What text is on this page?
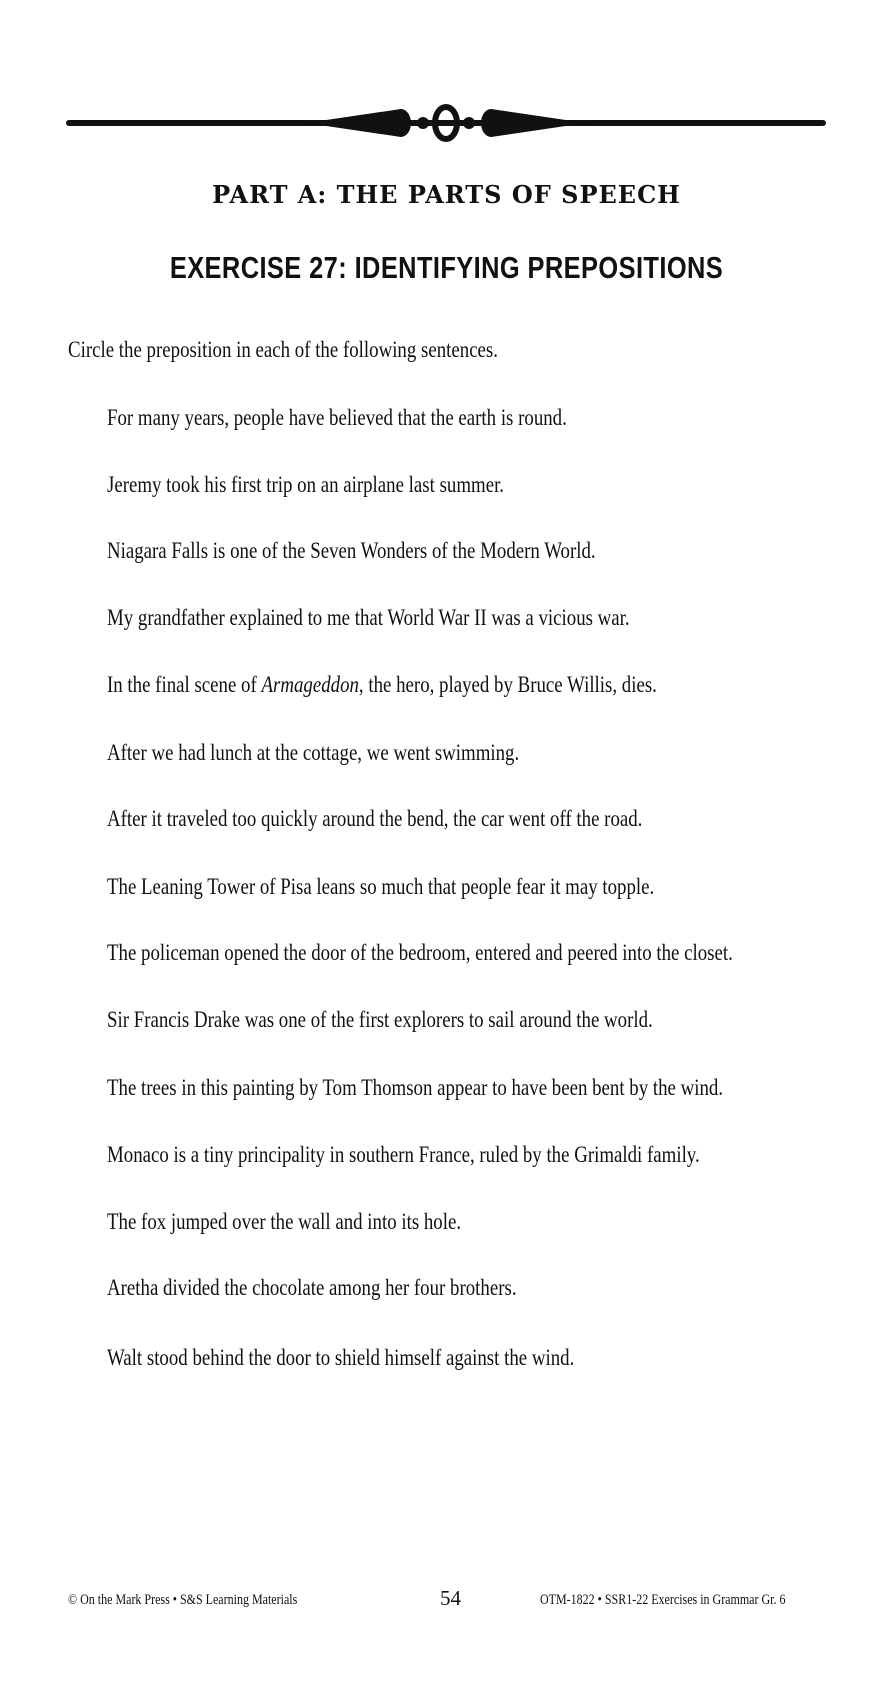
PART A: THE PARTS OF SPEECH
EXERCISE 27: IDENTIFYING PREPOSITIONS
Circle the preposition in each of the following sentences.
For many years, people have believed that the earth is round.
Jeremy took his first trip on an airplane last summer.
Niagara Falls is one of the Seven Wonders of the Modern World.
My grandfather explained to me that World War II was a vicious war.
In the final scene of Armageddon, the hero, played by Bruce Willis, dies.
After we had lunch at the cottage, we went swimming.
After it traveled too quickly around the bend, the car went off the road.
The Leaning Tower of Pisa leans so much that people fear it may topple.
The policeman opened the door of the bedroom, entered and peered into the closet.
Sir Francis Drake was one of the first explorers to sail around the world.
The trees in this painting by Tom Thomson appear to have been bent by the wind.
Monaco is a tiny principality in southern France, ruled by the Grimaldi family.
The fox jumped over the wall and into its hole.
Aretha divided the chocolate among her four brothers.
Walt stood behind the door to shield himself against the wind.
© On the Mark Press • S&S Learning Materials	54	OTM-1822 • SSR1-22 Exercises in Grammar Gr. 6
